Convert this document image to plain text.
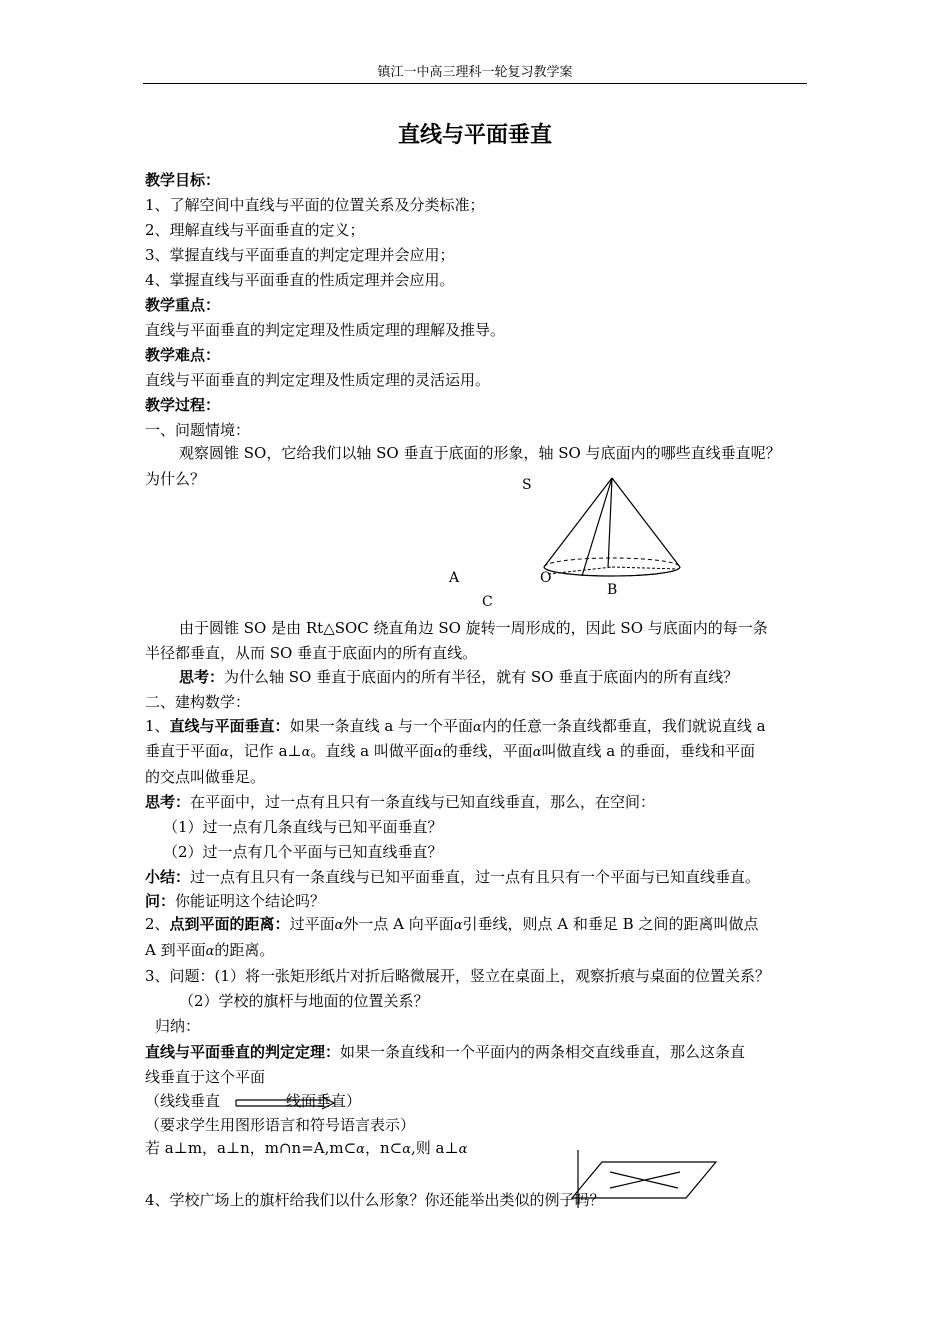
镇江一中高三理科一轮复习教学案
直线与平面垂直
教学目标：
1、了解空间中直线与平面的位置关系及分类标准；
2、理解直线与平面垂直的定义；
3、掌握直线与平面垂直的判定定理并会应用；
4、掌握直线与平面垂直的性质定理并会应用。
教学重点：
直线与平面垂直的判定定理及性质定理的理解及推导。
教学难点：
直线与平面垂直的判定定理及性质定理的灵活运用。
教学过程：
一、问题情境：
观察圆锥 SO，它给我们以轴 SO 垂直于底面的形象，轴 SO 与底面内的哪些直线垂直呢？
为什么？	S
A	O
B
C
由于圆锥 SO 是由 Rt△SOC 绕直角边 SO 旋转一周形成的，因此 SO 与底面内的每一条
半径都垂直，从而 SO 垂直于底面内的所有直线。
思考：为什么轴 SO 垂直于底面内的所有半径，就有 SO 垂直于底面内的所有直线？
二、建构数学：
1、直线与平面垂直：如果一条直线 a 与一个平面α内的任意一条直线都垂直，我们就说直线 a
垂直于平面α，记作 a⊥α。直线 a 叫做平面α的垂线，平面α叫做直线 a 的垂面，垂线和平面
的交点叫做垂足。
思考：在平面中，过一点有且只有一条直线与已知直线垂直，那么，在空间：
（1）过一点有几条直线与已知平面垂直？
（2）过一点有几个平面与已知直线垂直？
小结：过一点有且只有一条直线与已知平面垂直，过一点有且只有一个平面与已知直线垂直。
问：你能证明这个结论吗？
2、点到平面的距离：过平面α外一点 A 向平面α引垂线，则点 A 和垂足 B 之间的距离叫做点
A 到平面α的距离。
3、问题：(1）将一张矩形纸片对折后略微展开，竖立在桌面上，观察折痕与桌面的位置关系？
（2）学校的旗杆与地面的位置关系？
归纳：
直线与平面垂直的判定定理：如果一条直线和一个平面内的两条相交直线垂直，那么这条直
线垂直于这个平面
（线线垂直	线面垂直）
（要求学生用图形语言和符号语言表示）
若 a⊥m，a⊥n，m∩n=A,m⊂α，n⊂α,则 a⊥α
4、学校广场上的旗杆给我们以什么形象？你还能举出类似的例子吗？
